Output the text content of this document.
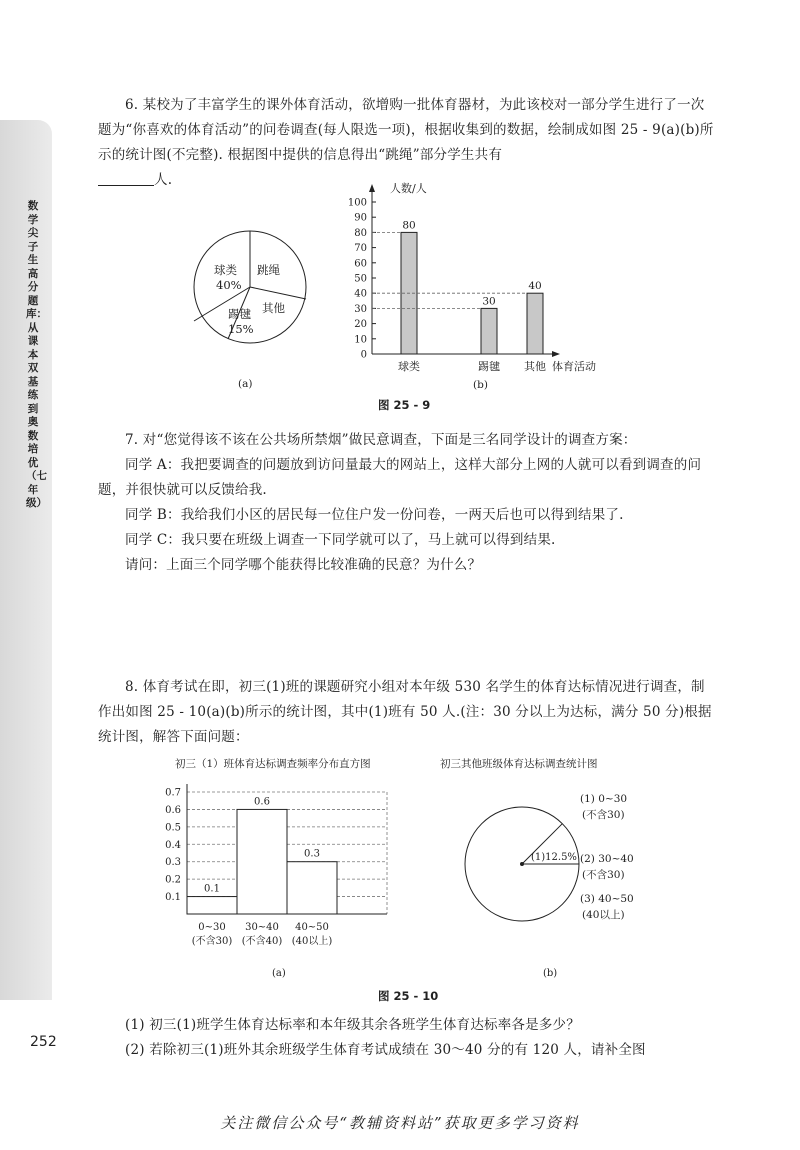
数学尖子生高分题库：从课本双基练到奥数培优（七年级）
252

6. 某校为了丰富学生的课外体育活动，欲增购一批体育器材，为此该校对一部分学生进行了一次题为“你喜欢的体育活动”的问卷调查(每人限选一项)，根据收集到的数据，绘制成如图 25 - 9(a)(b)所示的统计图(不完整). 根据图中提供的信息得出“跳绳”部分学生共有
人.

球类
40%
跳绳
其他
踢毽
15%
(a)
0
10
20
30
40
50
60
70
80
90
100
80
球类
30
踢毽
40
其他
人数/人
体育活动
(b)
图 25 - 9

7. 对“您觉得该不该在公共场所禁烟”做民意调查，下面是三名同学设计的调查方案：

同学 A：我把要调查的问题放到访问量最大的网站上，这样大部分上网的人就可以看到调查的问题，并很快就可以反馈给我.

同学 B：我给我们小区的居民每一位住户发一份问卷，一两天后也可以得到结果了.

同学 C：我只要在班级上调查一下同学就可以了，马上就可以得到结果.

请问：上面三个同学哪个能获得比较准确的民意？为什么？

8. 体育考试在即，初三(1)班的课题研究小组对本年级 530 名学生的体育达标情况进行调查，制作出如图 25 - 10(a)(b)所示的统计图，其中(1)班有 50 人.(注：30 分以上为达标，满分 50 分)根据统计图，解答下面问题：

初三（1）班体育达标调查频率分布直方图
0.1
0.2
0.3
0.4
0.5
0.6
0.7
0.1
0~30
(不含30)
0.6
30~40
(不含40)
0.3
40~50
(40以上)
(a)
初三其他班级体育达标调查统计图
(1)12.5%
(1) 0~30
(不含30)
(2) 30~40
(不含30)
(3) 40~50
(40以上)
(b)
图 25 - 10

(1) 初三(1)班学生体育达标率和本年级其余各班学生体育达标率各是多少？

(2) 若除初三(1)班外其余班级学生体育考试成绩在 30～40 分的有 120 人，请补全图

关注微信公众号“教辅资料站”获取更多学习资料
